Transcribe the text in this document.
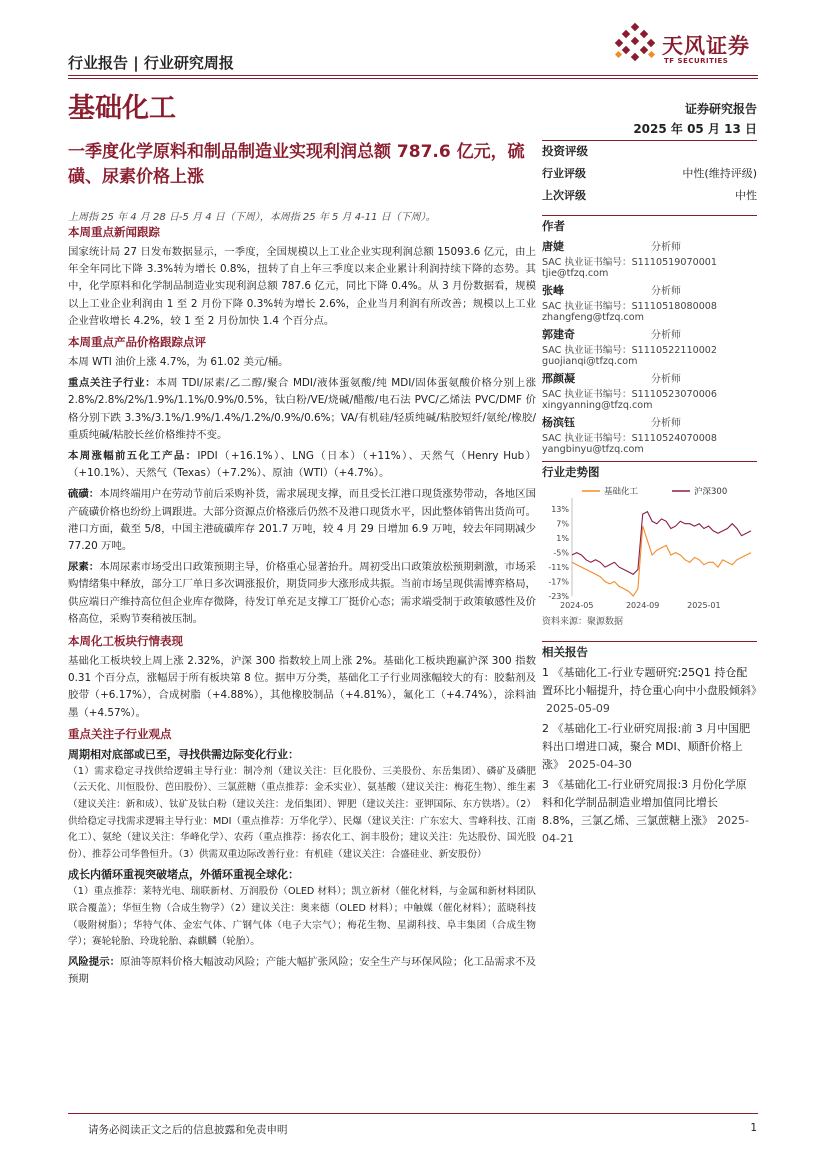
行业报告 | 行业研究周报
天风证券
TF SECURITIES
基础化工	证券研究报告
2025 年 05 月 13 日
一季度化学原料和制品制造业实现利润总额 787.6 亿元，硫磺、尿素价格上涨
上周指 25 年 4 月 28 日-5 月 4 日（下周），本周指 25 年 5 月 4-11 日（下周）。
本周重点新闻跟踪

国家统计局 27 日发布数据显示，一季度，全国规模以上工业企业实现利润总额 15093.6 亿元，由上年全年同比下降 3.3%转为增长 0.8%，扭转了自上年三季度以来企业累计利润持续下降的态势。其中，化学原料和化学制品制造业实现利润总额 787.6 亿元，同比下降 0.4%。从 3 月份数据看，规模以上工业企业利润由 1 至 2 月份下降 0.3%转为增长 2.6%，企业当月利润有所改善；规模以上工业企业营收增长 4.2%，较 1 至 2 月份加快 1.4 个百分点。

本周重点产品价格跟踪点评

本周 WTI 油价上涨 4.7%，为 61.02 美元/桶。

重点关注子行业：本周 TDI/尿素/乙二醇/聚合 MDI/液体蛋氨酸/纯 MDI/固体蛋氨酸价格分别上涨 2.8%/2.8%/2%/1.9%/1.1%/0.9%/0.5%，钛白粉/VE/烧碱/醋酸/电石法 PVC/乙烯法 PVC/DMF 价格分别下跌 3.3%/3.1%/1.9%/1.4%/1.2%/0.9%/0.6%；VA/有机硅/轻质纯碱/粘胶短纤/氨纶/橡胶/重质纯碱/粘胶长丝价格维持不变。

本周涨幅前五化工产品：IPDI（+16.1%）、LNG（日本）（+11%）、天然气（Henry Hub）（+10.1%）、天然气（Texas）（+7.2%）、原油（WTI）（+4.7%）。

硫磺：本周终端用户在劳动节前后采购补货，需求展现支撑，而且受长江港口现货涨势带动，各地区国产硫磺价格也纷纷上调跟进。大部分资源点价格涨后仍然不及港口现货水平，因此整体销售出货尚可。港口方面，截至 5/8，中国主港硫磺库存 201.7 万吨，较 4 月 29 日增加 6.9 万吨，较去年同期减少 77.20 万吨。

尿素：本周尿素市场受出口政策预期主导，价格重心显著抬升。周初受出口政策放松预期刺激，市场采购情绪集中释放，部分工厂单日多次调涨报价，期货同步大涨形成共振。当前市场呈现供需博弈格局，供应端日产维持高位但企业库存微降，待发订单充足支撑工厂挺价心态；需求端受制于政策敏感性及价格高位，采购节奏稍被压制。

本周化工板块行情表现

基础化工板块较上周上涨 2.32%，沪深 300 指数较上周上涨 2%。基础化工板块跑赢沪深 300 指数 0.31 个百分点，涨幅居于所有板块第 8 位。据申万分类，基础化工子行业周涨幅较大的有：胶黏剂及胶带（+6.17%），合成树脂（+4.88%），其他橡胶制品（+4.81%），氟化工（+4.74%），涂料油墨（+4.57%）。

重点关注子行业观点
周期相对底部或已至，寻找供需边际变化行业：

（1）需求稳定寻找供给逻辑主导行业：制冷剂（建议关注：巨化股份、三美股份、东岳集团）、磷矿及磷肥（云天化、川恒股份、芭田股份）、三氯蔗糖（重点推荐：金禾实业）、氨基酸（建议关注：梅花生物）、维生素（建议关注：新和成）、钛矿及钛白粉（建议关注：龙佰集团）、钾肥（建议关注：亚钾国际、东方铁塔）。（2）供给稳定寻找需求逻辑主导行业：MDI（重点推荐：万华化学）、民爆（建议关注：广东宏大、雪峰科技、江南化工）、氨纶（建议关注：华峰化学）、农药（重点推荐：扬农化工、润丰股份；建议关注：先达股份、国光股份）、推荐公司华鲁恒升。（3）供需双重边际改善行业：有机硅（建议关注：合盛硅业、新安股份）

成长内循环重视突破堵点，外循环重视全球化：

（1）重点推荐：莱特光电、瑞联新材、万润股份（OLED 材料）；凯立新材（催化材料，与金属和新材料团队联合覆盖）；华恒生物（合成生物学）（2）建议关注：奥来德（OLED 材料）；中触媒（催化材料）；蓝晓科技（吸附树脂）；华特气体、金宏气体、广钢气体（电子大宗气）；梅花生物、星湖科技、阜丰集团（合成生物学）；赛轮轮胎、玲珑轮胎、森麒麟（轮胎）。

风险提示：原油等原料价格大幅波动风险；产能大幅扩张风险；安全生产与环保风险；化工品需求不及预期

投资评级
行业评级	中性(维持评级)
上次评级	中性
作者
唐婕	分析师
SAC 执业证书编号：S1110519070001
tjie@tfzq.com
张峰	分析师
SAC 执业证书编号：S1110518080008
zhangfeng@tfzq.com
郭建奇	分析师
SAC 执业证书编号：S1110522110002
guojianqi@tfzq.com
邢颜凝	分析师
SAC 执业证书编号：S1110523070006
xingyanning@tfzq.com
杨滨钰	分析师
SAC 执业证书编号：S1110524070008
yangbinyu@tfzq.com
行业走势图
基础化工	沪深300
13%
7%
1%
-5%
-11%
-17%
-23%
2024-05	2024-09	2025-01
资料来源：聚源数据
相关报告
1 《基础化工-行业专题研究:25Q1 持仓配置环比小幅提升，持仓重心向中小盘股倾斜》2025-05-09
2 《基础化工-行业研究周报:前 3 月中国肥料出口增进口减，聚合 MDI、顺酐价格上涨》 2025-04-30
3 《基础化工-行业研究周报:3 月份化学原料和化学制品制造业增加值同比增长 8.8%，三氯乙烯、三氯蔗糖上涨》 2025-04-21
请务必阅读正文之后的信息披露和免责申明	1
